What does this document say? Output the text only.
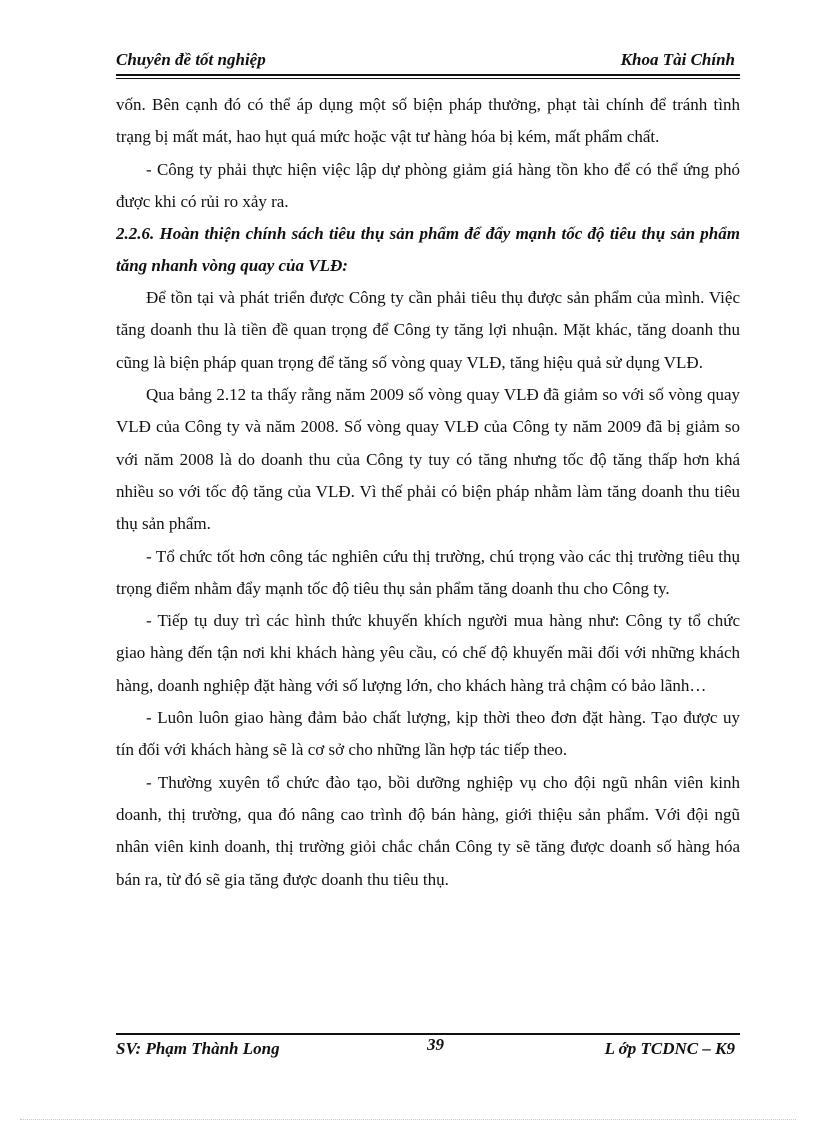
Chuyên đề tốt nghiệp	Khoa Tài Chính

vốn. Bên cạnh đó có thể áp dụng một số biện pháp thưởng, phạt tài chính để tránh tình trạng bị mất mát, hao hụt quá mức hoặc vật tư hàng hóa bị kém, mất phẩm chất.

- Công ty phải thực hiện việc lập dự phòng giảm giá hàng tồn kho để có thể ứng phó được khi có rủi ro xảy ra.

2.2.6. Hoàn thiện chính sách tiêu thụ sản phẩm để đẩy mạnh tốc độ tiêu thụ sản phẩm tăng nhanh vòng quay của VLĐ:

Để tồn tại và phát triển được Công ty cần phải tiêu thụ được sản phẩm của mình. Việc tăng doanh thu là tiền đề quan trọng để Công ty tăng lợi nhuận. Mặt khác, tăng doanh thu cũng là biện pháp quan trọng để tăng số vòng quay VLĐ, tăng hiệu quả sử dụng VLĐ.

Qua bảng 2.12 ta thấy rằng năm 2009 số vòng quay VLĐ đã giảm so với số vòng quay VLĐ của Công ty và năm 2008. Số vòng quay VLĐ của Công ty năm 2009 đã bị giảm so với năm 2008 là do doanh thu của Công ty tuy có tăng nhưng tốc độ tăng thấp hơn khá nhiều so với tốc độ tăng của VLĐ. Vì thế phải có biện pháp nhằm làm tăng doanh thu tiêu thụ sản phẩm.

- Tổ chức tốt hơn công tác nghiên cứu thị trường, chú trọng vào các thị trường tiêu thụ trọng điểm nhằm đẩy mạnh tốc độ tiêu thụ sản phẩm tăng doanh thu cho Công ty.

- Tiếp tụ duy trì các hình thức khuyến khích người mua hàng như: Công ty tổ chức giao hàng đến tận nơi khi khách hàng yêu cầu, có chế độ khuyến mãi đối với những khách hàng, doanh nghiệp đặt hàng với số lượng lớn, cho khách hàng trả chậm có bảo lãnh…

- Luôn luôn giao hàng đảm bảo chất lượng, kịp thời theo đơn đặt hàng. Tạo được uy tín đối với khách hàng sẽ là cơ sở cho những lần hợp tác tiếp theo.

- Thường xuyên tổ chức đào tạo, bồi dưỡng nghiệp vụ cho đội ngũ nhân viên kinh doanh, thị trường, qua đó nâng cao trình độ bán hàng, giới thiệu sản phẩm. Với đội ngũ nhân viên kinh doanh, thị trường giỏi chắc chắn Công ty sẽ tăng được doanh số hàng hóa bán ra, từ đó sẽ gia tăng được doanh thu tiêu thụ.

SV: Phạm Thành Long	39	L ớp TCDNC – K9
